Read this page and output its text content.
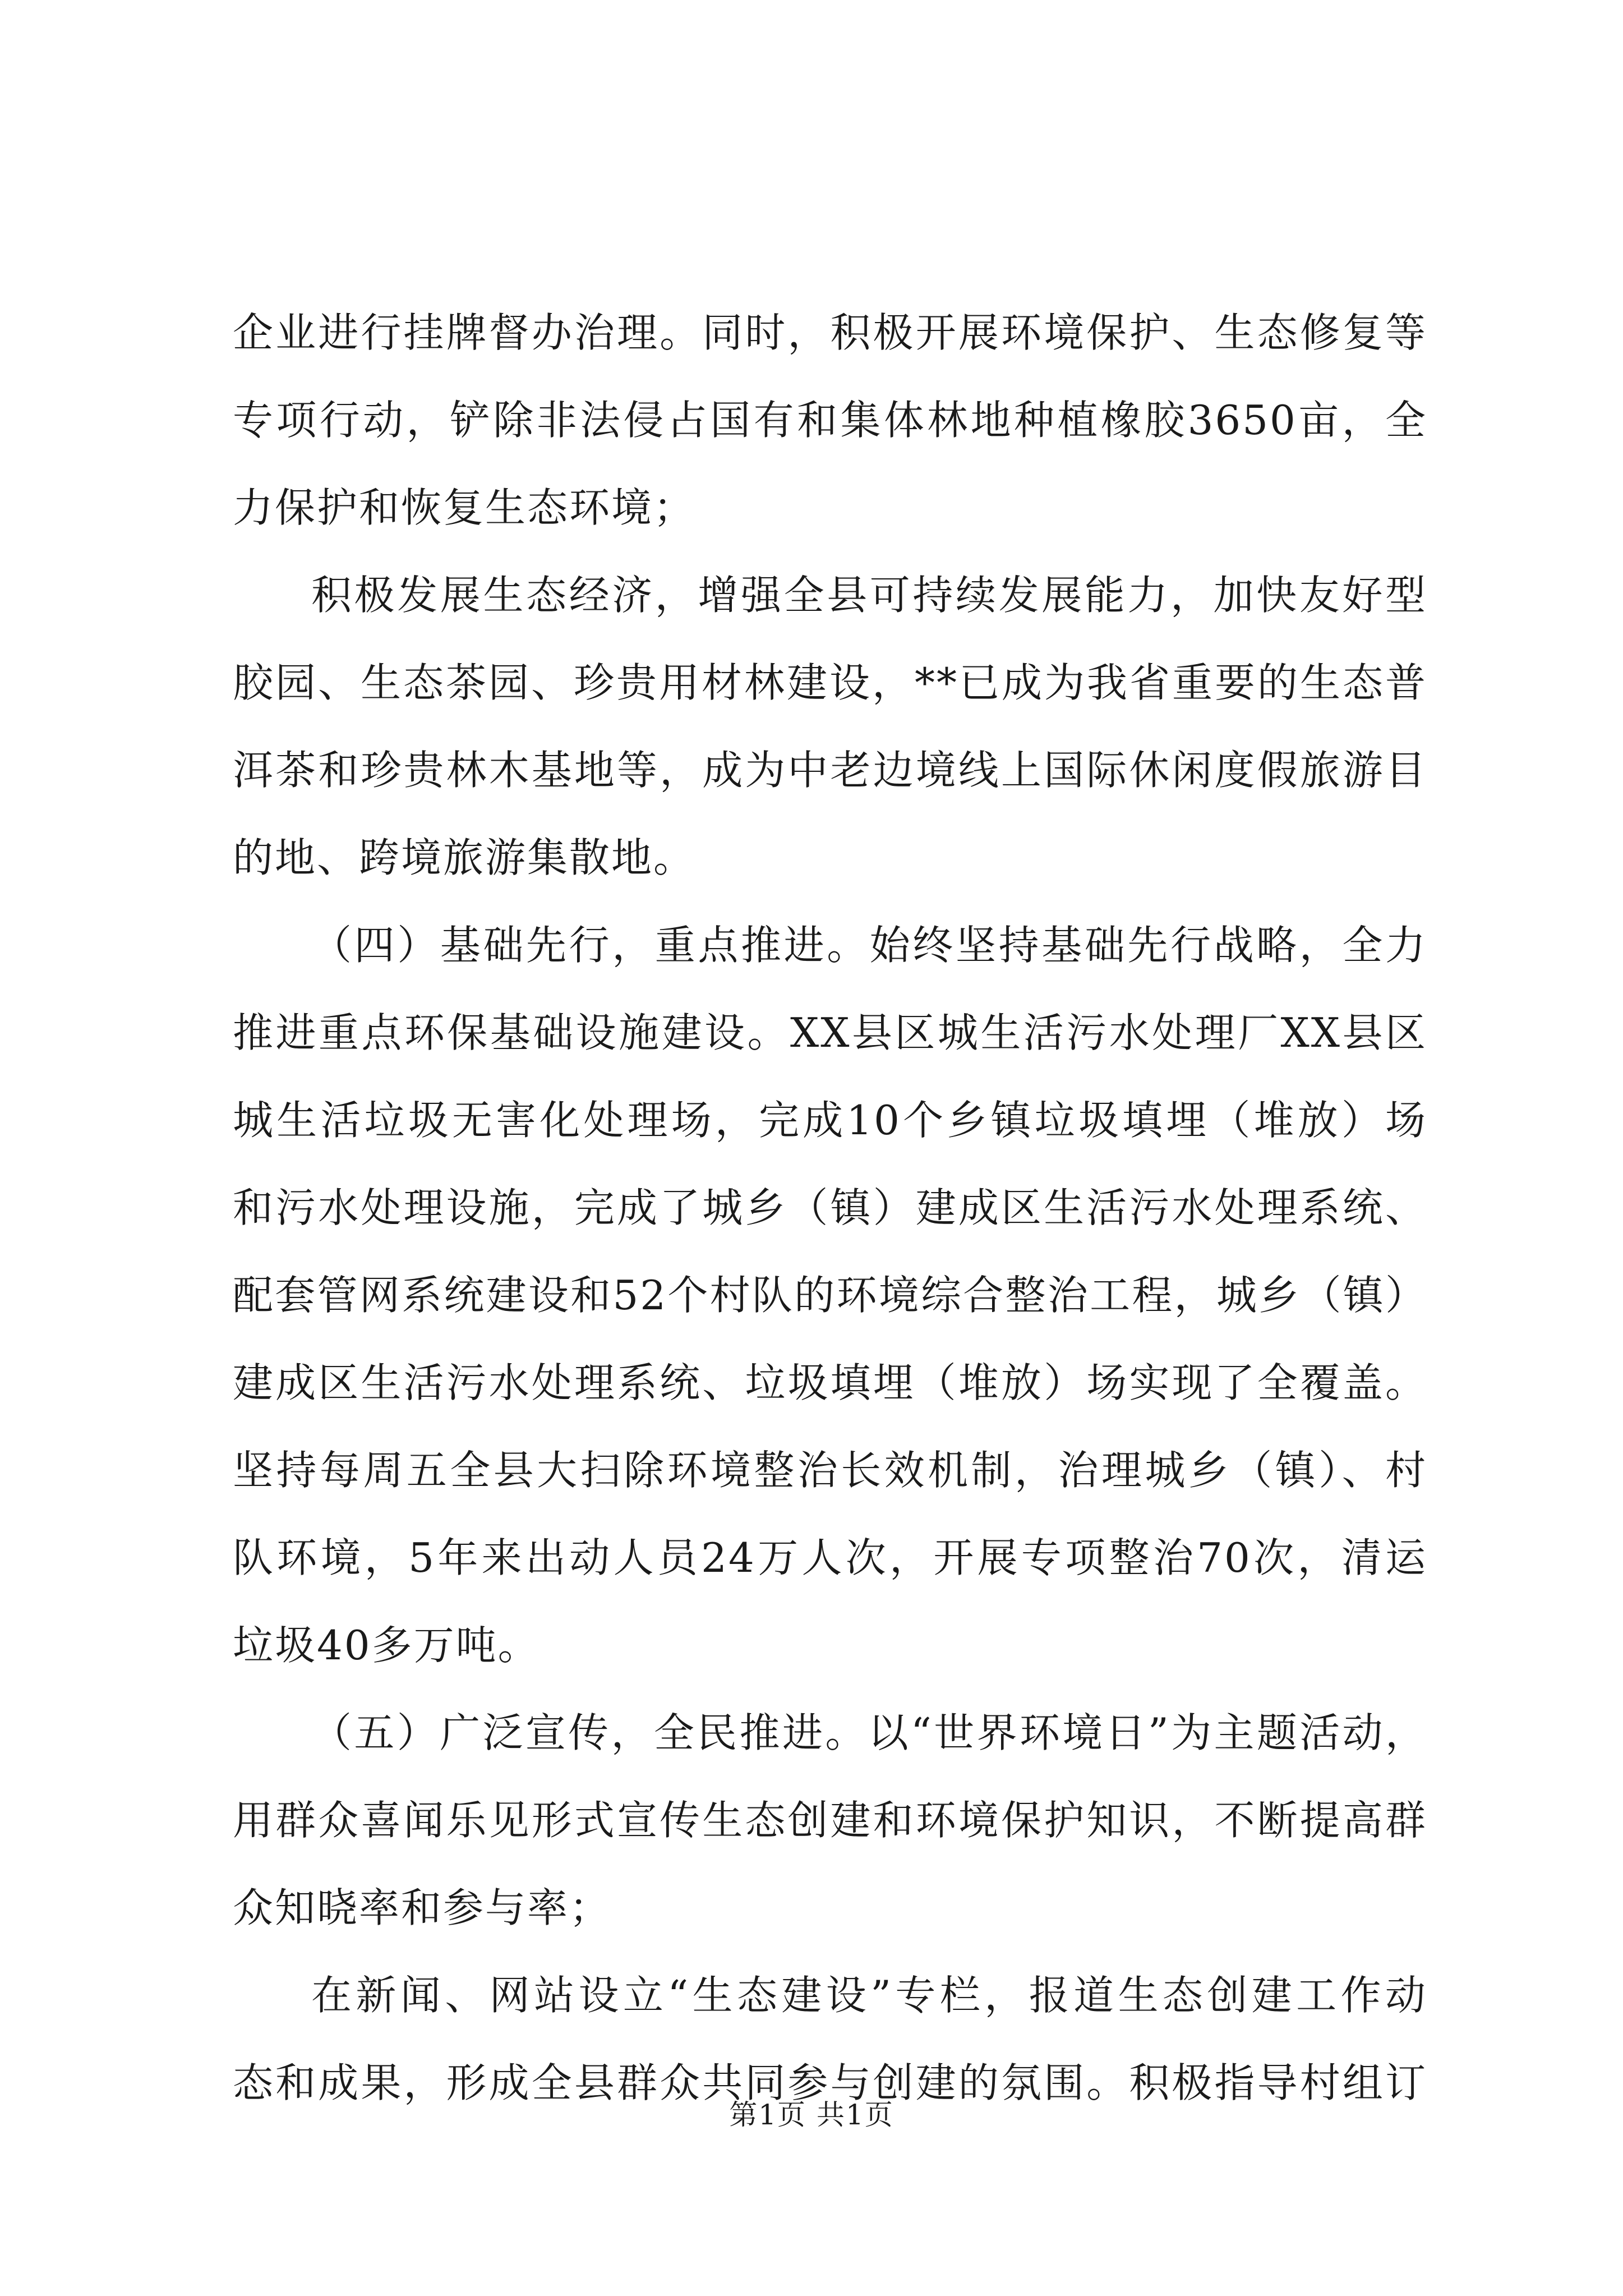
企业进行挂牌督办治理。同时，积极开展环境保护、生态修复等
专项行动，铲除非法侵占国有和集体林地种植橡胶3650亩，全
力保护和恢复生态环境；
积极发展生态经济，增强全县可持续发展能力，加快友好型
胶园、生态茶园、珍贵用材林建设，**已成为我省重要的生态普
洱茶和珍贵林木基地等，成为中老边境线上国际休闲度假旅游目
的地、跨境旅游集散地。
（四）基础先行，重点推进。始终坚持基础先行战略，全力
推进重点环保基础设施建设。XX县区城生活污水处理厂XX县区
城生活垃圾无害化处理场，完成10个乡镇垃圾填埋（堆放）场
和污水处理设施，完成了城乡（镇）建成区生活污水处理系统、
配套管网系统建设和52个村队的环境综合整治工程，城乡（镇）
建成区生活污水处理系统、垃圾填埋（堆放）场实现了全覆盖。
坚持每周五全县大扫除环境整治长效机制，治理城乡（镇）、村
队环境，5年来出动人员24万人次，开展专项整治70次，清运
垃圾40多万吨。
（五）广泛宣传，全民推进。以“世界环境日”为主题活动，
用群众喜闻乐见形式宣传生态创建和环境保护知识，不断提高群
众知晓率和参与率；
在新闻、网站设立“生态建设”专栏，报道生态创建工作动
态和成果，形成全县群众共同参与创建的氛围。积极指导村组订
第1页 共1页
